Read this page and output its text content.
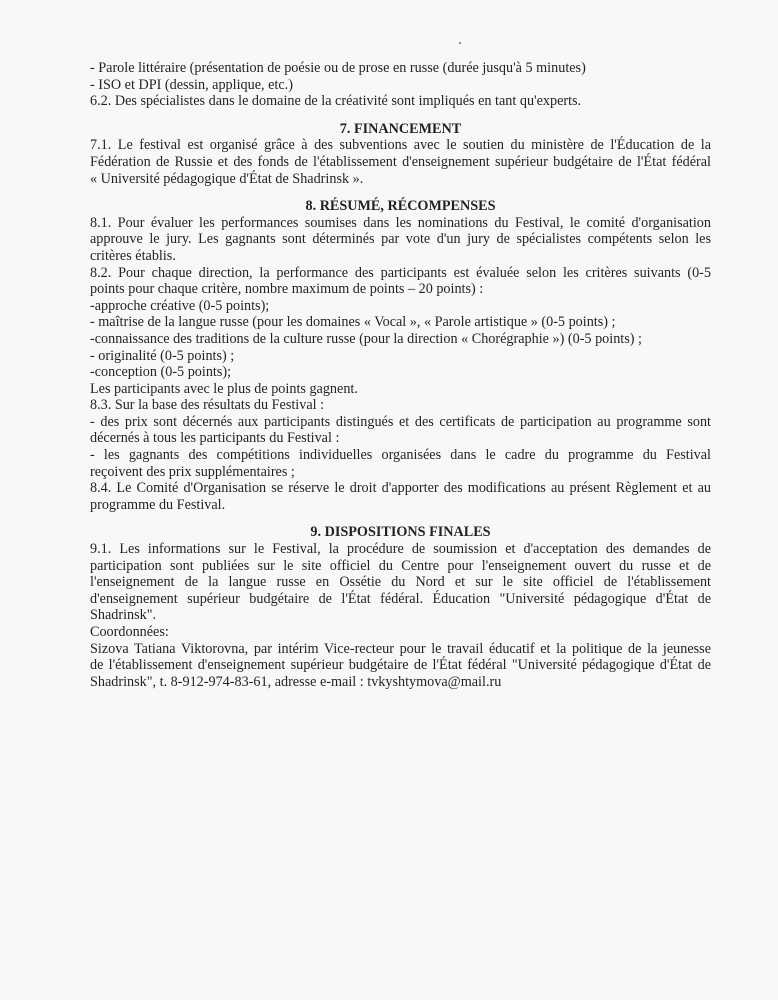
- Parole littéraire (présentation de poésie ou de prose en russe (durée jusqu'à 5 minutes)
- ISO et DPI (dessin, applique, etc.)
6.2. Des spécialistes dans le domaine de la créativité sont impliqués en tant qu'experts.
7. FINANCEMENT
7.1. Le festival est organisé grâce à des subventions avec le soutien du ministère de l'Éducation de la
Fédération de Russie et des fonds de l'établissement d'enseignement supérieur budgétaire de l'État fédéral
« Université pédagogique d'État de Shadrinsk ».
8. RÉSUMÉ, RÉCOMPENSES
8.1. Pour évaluer les performances soumises dans les nominations du Festival, le comité d'organisation
approuve le jury. Les gagnants sont déterminés par vote d'un jury de spécialistes compétents selon les
critères établis.
8.2. Pour chaque direction, la performance des participants est évaluée selon les critères suivants (0-5
points pour chaque critère, nombre maximum de points – 20 points) :
-approche créative (0-5 points);
- maîtrise de la langue russe (pour les domaines « Vocal », « Parole artistique » (0-5 points) ;
-connaissance des traditions de la culture russe (pour la direction « Chorégraphie ») (0-5 points) ;
- originalité (0-5 points) ;
-conception (0-5 points);
Les participants avec le plus de points gagnent.
8.3. Sur la base des résultats du Festival :
- des prix sont décernés aux participants distingués et des certificats de participation au programme sont
décernés à tous les participants du Festival :
- les gagnants des compétitions individuelles organisées dans le cadre du programme du Festival
reçoivent des prix supplémentaires ;
8.4. Le Comité d'Organisation se réserve le droit d'apporter des modifications au présent Règlement et au
programme du Festival.
9. DISPOSITIONS FINALES
9.1. Les informations sur le Festival, la procédure de soumission et d'acceptation des demandes de
participation sont publiées sur le site officiel du Centre pour l'enseignement ouvert du russe et de
l'enseignement de la langue russe en Ossétie du Nord et sur le site officiel de l'établissement
d'enseignement supérieur budgétaire de l'État fédéral. Éducation "Université pédagogique d'État de
Shadrinsk".
Coordonnées:
Sizova Tatiana Viktorovna, par intérim Vice-recteur pour le travail éducatif et la politique de la jeunesse
de l'établissement d'enseignement supérieur budgétaire de l'État fédéral "Université pédagogique d'État de
Shadrinsk", t. 8-912-974-83-61, adresse e-mail : tvkyshtymova@mail.ru
